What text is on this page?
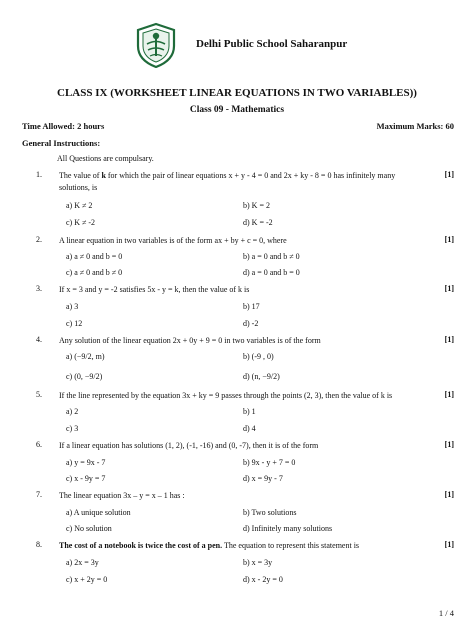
Delhi Public School Saharanpur
CLASS IX (WORKSHEET LINEAR EQUATIONS IN TWO VARIABLES))
Class 09 - Mathematics
Time Allowed: 2 hours	Maximum Marks: 60
General Instructions:
All Questions are compulsary.
1. The value of k for which the pair of linear equations x + y - 4 = 0 and 2x + ky - 8 = 0 has infinitely many solutions, is
[1]
a) K ≠ 2	b) K = 2
c) K ≠ -2	d) K = -2
2. A linear equation in two variables is of the form ax + by + c = 0, where	[1]
a) a ≠ 0 and b = 0	b) a = 0 and b ≠ 0
c) a ≠ 0 and b ≠ 0	d) a = 0 and b = 0
3. If x = 3 and y = -2 satisfies 5x - y = k, then the value of k is	[1]
a) 3	b) 17
c) 12	d) -2
4. Any solution of the linear equation 2x + 0y + 9 = 0 in two variables is of the form	[1]
a) (−9/2, m)	b) (-9 , 0)
c) (0, −9/2)	d) (n, −9/2)
5. If the line represented by the equation 3x + ky = 9 passes through the points (2, 3), then the value of k is	[1]
a) 2	b) 1
c) 3	d) 4
6. If a linear equation has solutions (1, 2), (-1, -16) and (0, -7), then it is of the form	[1]
a) y = 9x - 7	b) 9x - y + 7 = 0
c) x - 9y = 7	d) x = 9y - 7
7. The linear equation 3x – y = x – 1 has :	[1]
a) A unique solution	b) Two solutions
c) No solution	d) Infinitely many solutions
8. The cost of a notebook is twice the cost of a pen. The equation to represent this statement is	[1]
a) 2x = 3y	b) x = 3y
c) x + 2y = 0	d) x - 2y = 0
1 / 4
